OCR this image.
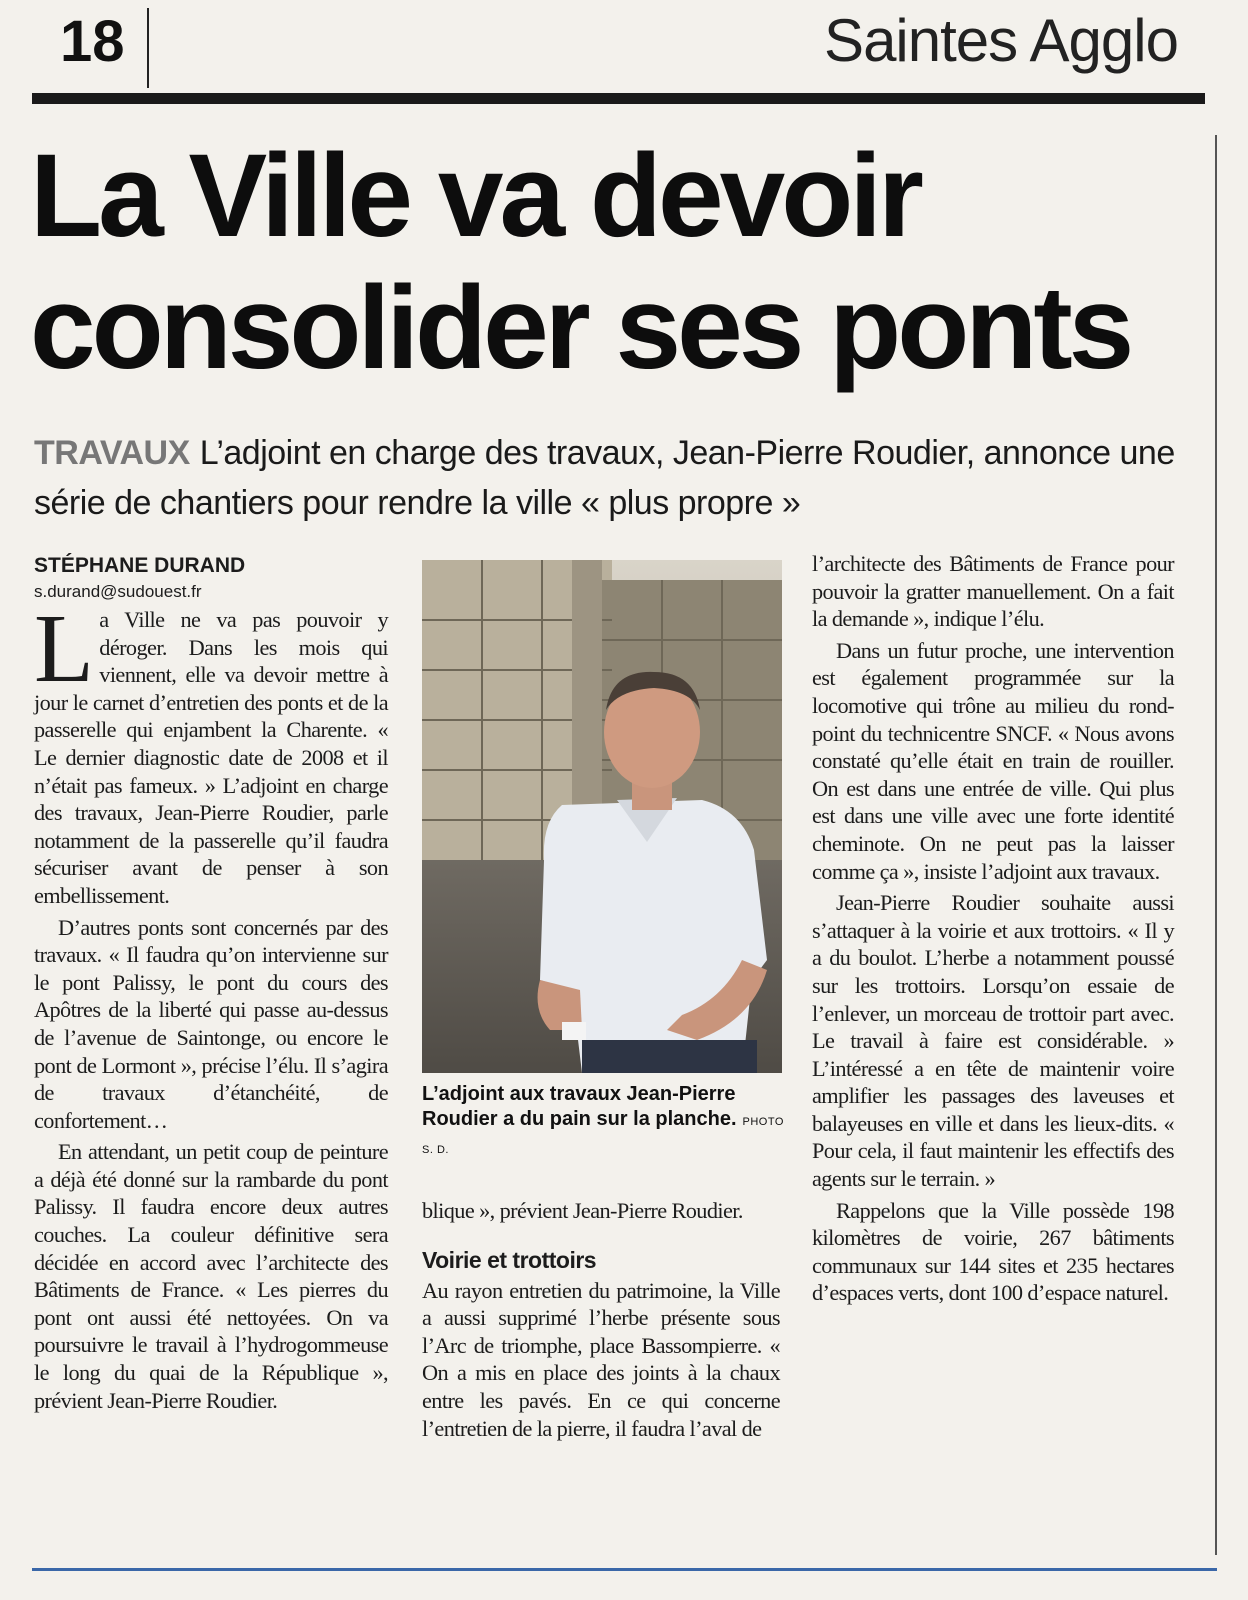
18	Saintes Agglo
La Ville va devoir
consolider ses ponts
TRAVAUX L’adjoint en charge des travaux, Jean-Pierre Roudier, annonce une série de chantiers pour rendre la ville « plus propre »
STÉPHANE DURAND
s.durand@sudouest.fr

La Ville ne va pas pouvoir y déroger. Dans les mois qui viennent, elle va devoir mettre à jour le carnet d’entretien des ponts et de la passerelle qui enjambent la Charente. « Le dernier diagnostic date de 2008 et il n’était pas fameux. » L’adjoint en charge des travaux, Jean-Pierre Roudier, parle notamment de la passerelle qu’il faudra sécuriser avant de penser à son embellissement.

D’autres ponts sont concernés par des travaux. « Il faudra qu’on intervienne sur le pont Palissy, le pont du cours des Apôtres de la liberté qui passe au-dessus de l’avenue de Saintonge, ou encore le pont de Lormont », précise l’élu. Il s’agira de travaux d’étanchéité, de confortement…

En attendant, un petit coup de peinture a déjà été donné sur la rambarde du pont Palissy. Il faudra encore deux autres couches. La couleur définitive sera décidée en accord avec l’architecte des Bâtiments de France. « Les pierres du pont ont aussi été nettoyées. On va poursuivre le travail à l’hydrogommeuse le long du quai de la République », prévient Jean-Pierre Roudier.

L’adjoint aux travaux Jean-Pierre Roudier a du pain sur la planche. PHOTO S. D.

blique », prévient Jean-Pierre Roudier.

Voirie et trottoirs

Au rayon entretien du patrimoine, la Ville a aussi supprimé l’herbe présente sous l’Arc de triomphe, place Bassompierre. « On a mis en place des joints à la chaux entre les pavés. En ce qui concerne l’entretien de la pierre, il faudra l’aval de

l’architecte des Bâtiments de France pour pouvoir la gratter manuellement. On a fait la demande », indique l’élu.

Dans un futur proche, une intervention est également programmée sur la locomotive qui trône au milieu du rond-point du technicentre SNCF. « Nous avons constaté qu’elle était en train de rouiller. On est dans une entrée de ville. Qui plus est dans une ville avec une forte identité cheminote. On ne peut pas la laisser comme ça », insiste l’adjoint aux travaux.

Jean-Pierre Roudier souhaite aussi s’attaquer à la voirie et aux trottoirs. « Il y a du boulot. L’herbe a notamment poussé sur les trottoirs. Lorsqu’on essaie de l’enlever, un morceau de trottoir part avec. Le travail à faire est considérable. » L’intéressé a en tête de maintenir voire amplifier les passages des laveuses et balayeuses en ville et dans les lieux-dits. « Pour cela, il faut maintenir les effectifs des agents sur le terrain. »

Rappelons que la Ville possède 198 kilomètres de voirie, 267 bâtiments communaux sur 144 sites et 235 hectares d’espaces verts, dont 100 d’espace naturel.
